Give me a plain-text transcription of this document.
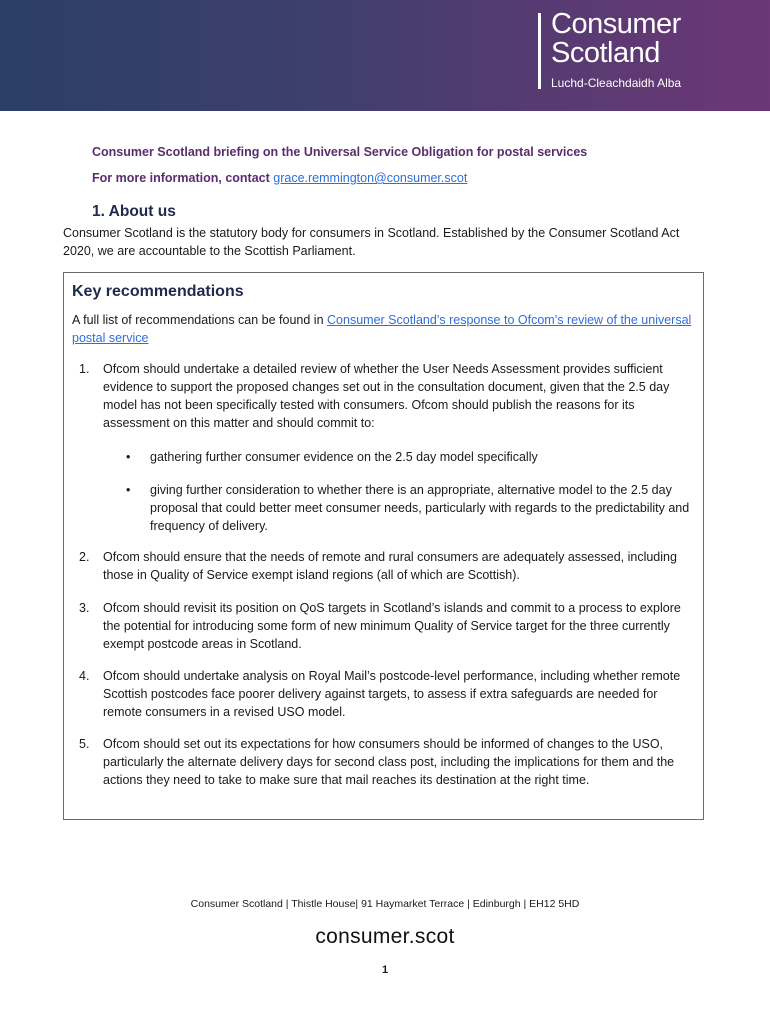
Consumer
Scotland
Luchd-Cleachdaidh Alba
Consumer Scotland briefing on the Universal Service Obligation for postal services
For more information, contact grace.remmington@consumer.scot
1. About us
Consumer Scotland is the statutory body for consumers in Scotland. Established by the Consumer Scotland Act 2020, we are accountable to the Scottish Parliament.
Key recommendations
A full list of recommendations can be found in Consumer Scotland’s response to Ofcom’s review of the universal postal service
1. Ofcom should undertake a detailed review of whether the User Needs Assessment provides sufficient evidence to support the proposed changes set out in the consultation document, given that the 2.5 day model has not been specifically tested with consumers. Ofcom should publish the reasons for its assessment on this matter and should commit to:
• gathering further consumer evidence on the 2.5 day model specifically
• giving further consideration to whether there is an appropriate, alternative model to the 2.5 day proposal that could better meet consumer needs, particularly with regards to the predictability and frequency of delivery.
2. Ofcom should ensure that the needs of remote and rural consumers are adequately assessed, including those in Quality of Service exempt island regions (all of which are Scottish).
3. Ofcom should revisit its position on QoS targets in Scotland’s islands and commit to a process to explore the potential for introducing some form of new minimum Quality of Service target for the three currently exempt postcode areas in Scotland.
4. Ofcom should undertake analysis on Royal Mail’s postcode-level performance, including whether remote Scottish postcodes face poorer delivery against targets, to assess if extra safeguards are needed for remote consumers in a revised USO model.
5. Ofcom should set out its expectations for how consumers should be informed of changes to the USO, particularly the alternate delivery days for second class post, including the implications for them and the actions they need to take to make sure that mail reaches its destination at the right time.
Consumer Scotland | Thistle House| 91 Haymarket Terrace | Edinburgh | EH12 5HD
consumer.scot
1
